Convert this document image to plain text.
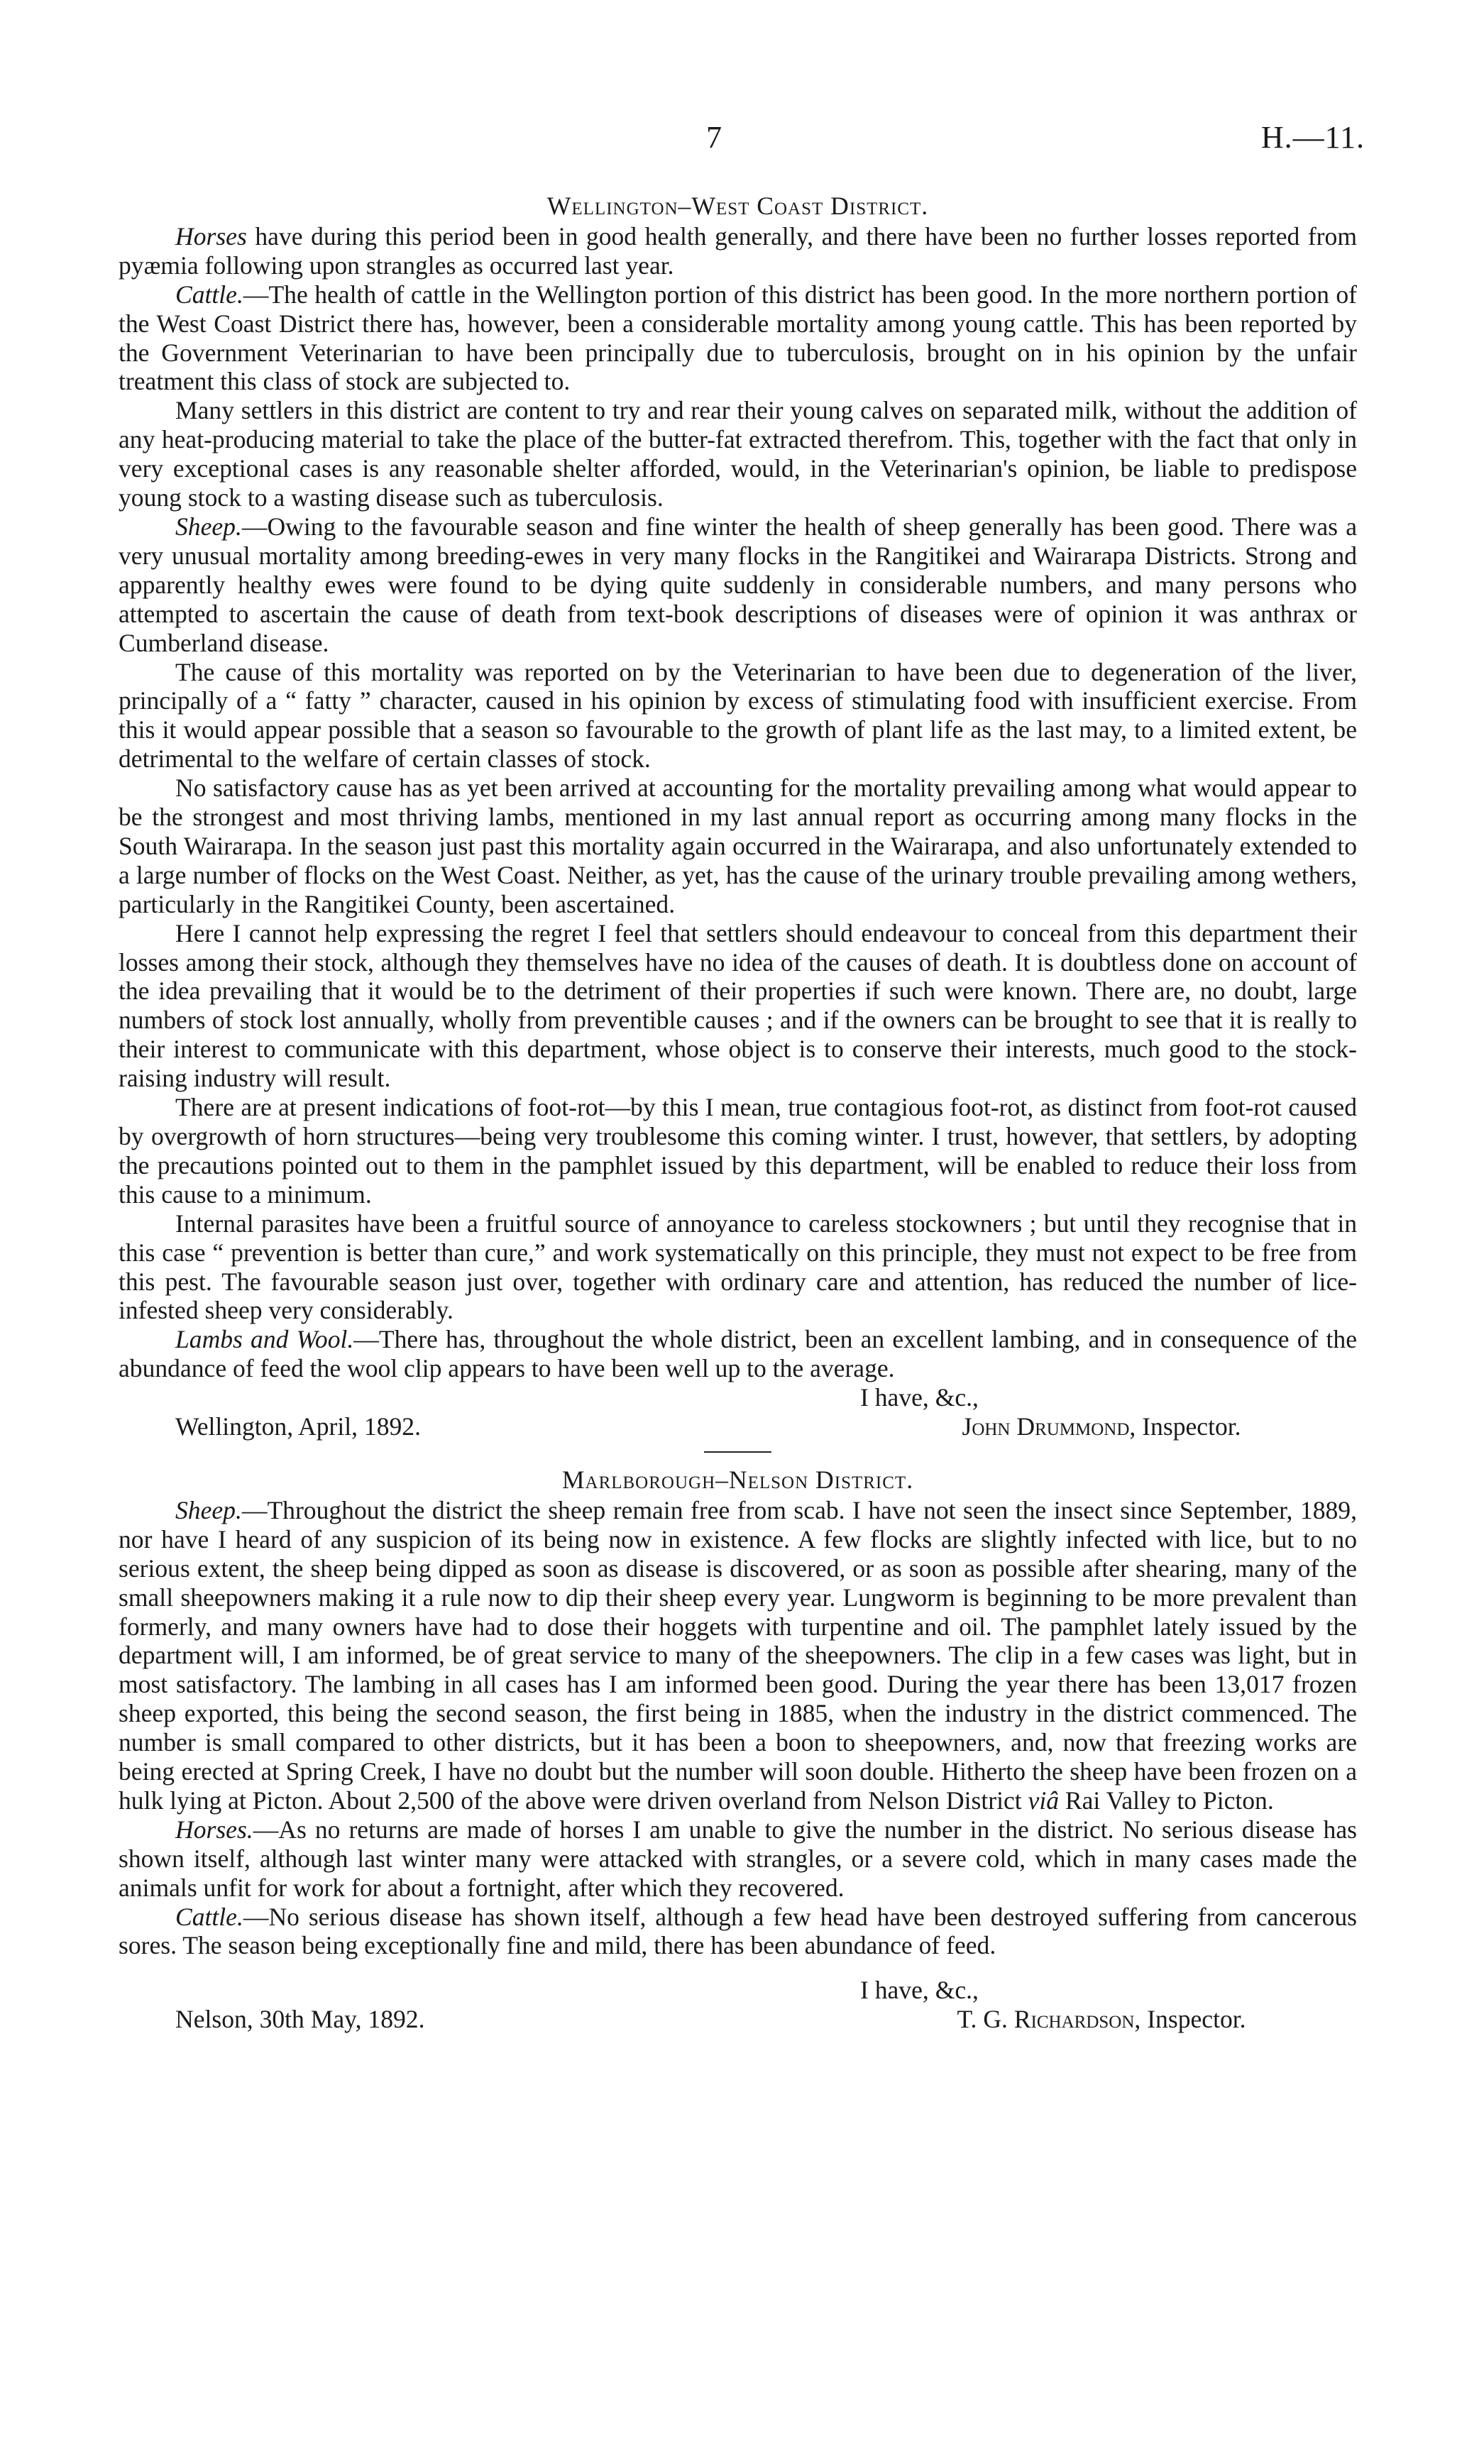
7	H.—11.
Wellington–West Coast District.

Horses have during this period been in good health generally, and there have been no further losses reported from pyæmia following upon strangles as occurred last year.

Cattle.—The health of cattle in the Wellington portion of this district has been good. In the more northern portion of the West Coast District there has, however, been a considerable mortality among young cattle. This has been reported by the Government Veterinarian to have been principally due to tuberculosis, brought on in his opinion by the unfair treatment this class of stock are subjected to.

Many settlers in this district are content to try and rear their young calves on separated milk, without the addition of any heat-producing material to take the place of the butter-fat extracted therefrom. This, together with the fact that only in very exceptional cases is any reasonable shelter afforded, would, in the Veterinarian's opinion, be liable to predispose young stock to a wasting disease such as tuberculosis.

Sheep.—Owing to the favourable season and fine winter the health of sheep generally has been good. There was a very unusual mortality among breeding-ewes in very many flocks in the Rangitikei and Wairarapa Districts. Strong and apparently healthy ewes were found to be dying quite suddenly in considerable numbers, and many persons who attempted to ascertain the cause of death from text-book descriptions of diseases were of opinion it was anthrax or Cumberland disease.

The cause of this mortality was reported on by the Veterinarian to have been due to degeneration of the liver, principally of a “ fatty ” character, caused in his opinion by excess of stimulating food with insufficient exercise. From this it would appear possible that a season so favourable to the growth of plant life as the last may, to a limited extent, be detrimental to the welfare of certain classes of stock.

No satisfactory cause has as yet been arrived at accounting for the mortality prevailing among what would appear to be the strongest and most thriving lambs, mentioned in my last annual report as occurring among many flocks in the South Wairarapa. In the season just past this mortality again occurred in the Wairarapa, and also unfortunately extended to a large number of flocks on the West Coast. Neither, as yet, has the cause of the urinary trouble prevailing among wethers, particularly in the Rangitikei County, been ascertained.

Here I cannot help expressing the regret I feel that settlers should endeavour to conceal from this department their losses among their stock, although they themselves have no idea of the causes of death. It is doubtless done on account of the idea prevailing that it would be to the detriment of their properties if such were known. There are, no doubt, large numbers of stock lost annually, wholly from preventible causes ; and if the owners can be brought to see that it is really to their interest to communicate with this department, whose object is to conserve their interests, much good to the stock-raising industry will result.

There are at present indications of foot-rot—by this I mean, true contagious foot-rot, as distinct from foot-rot caused by overgrowth of horn structures—being very troublesome this coming winter. I trust, however, that settlers, by adopting the precautions pointed out to them in the pamphlet issued by this department, will be enabled to reduce their loss from this cause to a minimum.

Internal parasites have been a fruitful source of annoyance to careless stockowners ; but until they recognise that in this case “ prevention is better than cure,” and work systematically on this principle, they must not expect to be free from this pest. The favourable season just over, together with ordinary care and attention, has reduced the number of lice-infested sheep very considerably.

Lambs and Wool.—There has, throughout the whole district, been an excellent lambing, and in consequence of the abundance of feed the wool clip appears to have been well up to the average.

I have, &c.,
Wellington, April, 1892.	John Drummond, Inspector.
Marlborough–Nelson District.

Sheep.—Throughout the district the sheep remain free from scab. I have not seen the insect since September, 1889, nor have I heard of any suspicion of its being now in existence. A few flocks are slightly infected with lice, but to no serious extent, the sheep being dipped as soon as disease is discovered, or as soon as possible after shearing, many of the small sheepowners making it a rule now to dip their sheep every year. Lungworm is beginning to be more prevalent than formerly, and many owners have had to dose their hoggets with turpentine and oil. The pamphlet lately issued by the department will, I am informed, be of great service to many of the sheepowners. The clip in a few cases was light, but in most satisfactory. The lambing in all cases has I am informed been good. During the year there has been 13,017 frozen sheep exported, this being the second season, the first being in 1885, when the industry in the district commenced. The number is small compared to other districts, but it has been a boon to sheepowners, and, now that freezing works are being erected at Spring Creek, I have no doubt but the number will soon double. Hitherto the sheep have been frozen on a hulk lying at Picton. About 2,500 of the above were driven overland from Nelson District viâ Rai Valley to Picton.

Horses.—As no returns are made of horses I am unable to give the number in the district. No serious disease has shown itself, although last winter many were attacked with strangles, or a severe cold, which in many cases made the animals unfit for work for about a fortnight, after which they recovered.

Cattle.—No serious disease has shown itself, although a few head have been destroyed suffering from cancerous sores. The season being exceptionally fine and mild, there has been abundance of feed.

I have, &c.,
Nelson, 30th May, 1892.	T. G. Richardson, Inspector.
